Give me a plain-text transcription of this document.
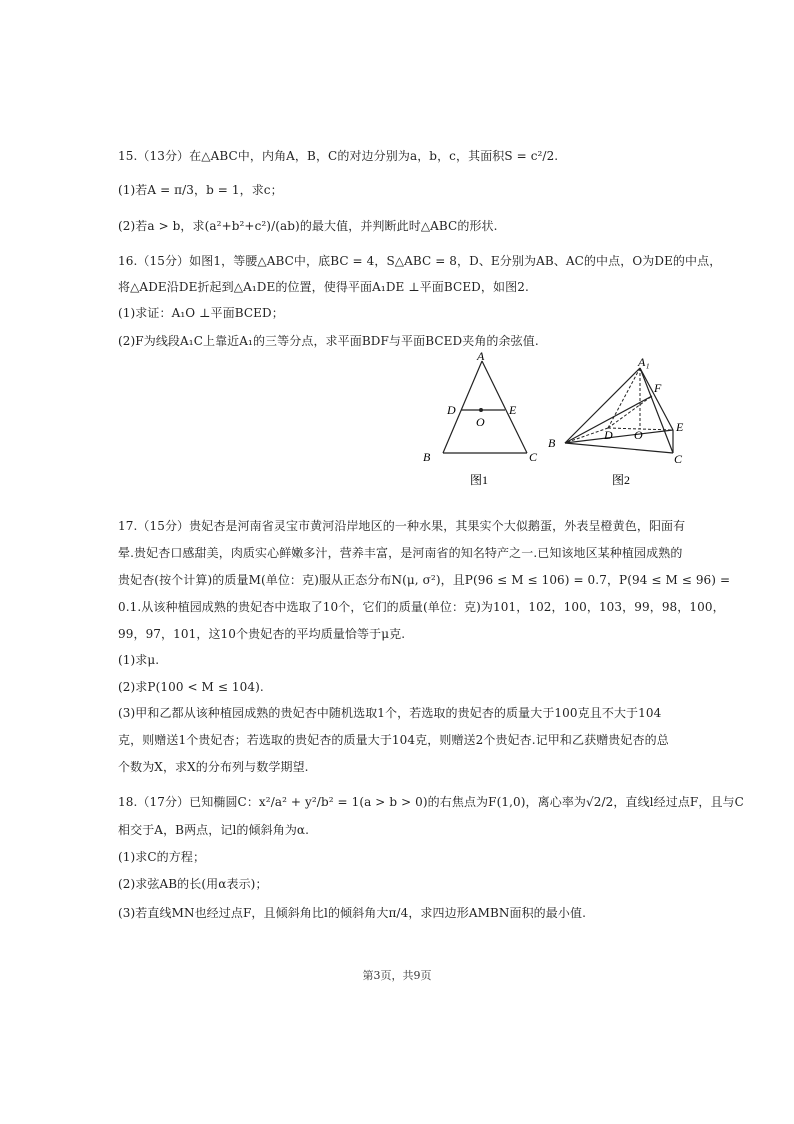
15.（13分）在△ABC中，内角A，B，C的对边分别为a，b，c，其面积S = c²/2.
(1)若A = π/3，b = 1，求c；
(2)若a > b，求(a²+b²+c²)/(ab)的最大值，并判断此时△ABC的形状.
16.（15分）如图1，等腰△ABC中，底BC = 4，S△ABC = 8，D、E分别为AB、AC的中点，O为DE的中点，
将△ADE沿DE折起到△A₁DE的位置，使得平面A₁DE ⊥平面BCED，如图2.
(1)求证：A₁O ⊥平面BCED；
(2)F为线段A₁C上靠近A₁的三等分点，求平面BDF与平面BCED夹角的余弦值.
A
D	E
O
B	C
图1
A₁
F
B
D O
E
C
图2
17.（15分）贵妃杏是河南省灵宝市黄河沿岸地区的一种水果，其果实个大似鹅蛋，外表呈橙黄色，阳面有
晕.贵妃杏口感甜美，肉质实心鲜嫩多汁，营养丰富，是河南省的知名特产之一.已知该地区某种植园成熟的
贵妃杏(按个计算)的质量M(单位：克)服从正态分布N(μ, σ²)，且P(96 ≤ M ≤ 106) = 0.7，P(94 ≤ M ≤ 96) =
0.1.从该种植园成熟的贵妃杏中选取了10个，它们的质量(单位：克)为101，102，100，103，99，98，100，
99，97，101，这10个贵妃杏的平均质量恰等于μ克.
(1)求μ.
(2)求P(100 < M ≤ 104).
(3)甲和乙都从该种植园成熟的贵妃杏中随机选取1个，若选取的贵妃杏的质量大于100克且不大于104
克，则赠送1个贵妃杏；若选取的贵妃杏的质量大于104克，则赠送2个贵妃杏.记甲和乙获赠贵妃杏的总
个数为X，求X的分布列与数学期望.
18.（17分）已知椭圆C：x²/a² + y²/b² = 1(a > b > 0)的右焦点为F(1,0)，离心率为√2/2，直线l经过点F，且与C
相交于A，B两点，记l的倾斜角为α.
(1)求C的方程；
(2)求弦AB的长(用α表示)；
(3)若直线MN也经过点F，且倾斜角比l的倾斜角大π/4，求四边形AMBN面积的最小值.
第3页，共9页
